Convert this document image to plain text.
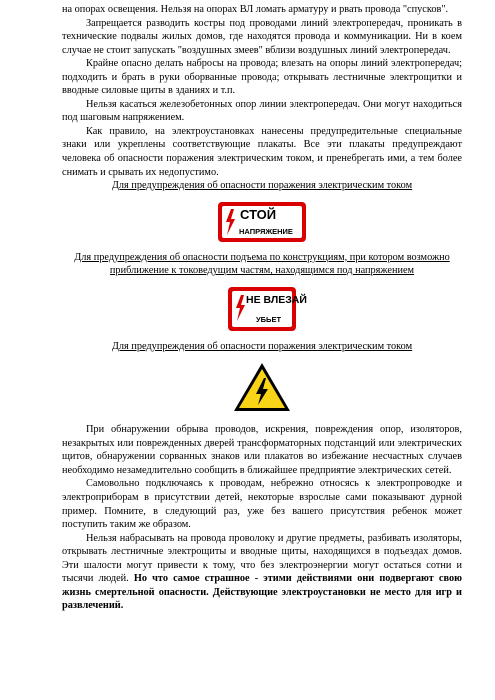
на опорах освещения. Нельзя на опорах ВЛ ломать арматуру и рвать провода "спусков".

Запрещается разводить костры под проводами линий электропередач, проникать в технические подвалы жилых домов, где находятся провода и коммуникации. Ни в коем случае не стоит запускать "воздушных змеев" вблизи воздушных линий электропередач.

Крайне опасно делать набросы на провода; влезать на опоры линий электропередач; подходить и брать в руки оборванные провода; открывать лестничные электрощитки и вводные силовые щиты в зданиях и т.п.

Нельзя касаться железобетонных опор линии электропередач. Они могут находиться под шаговым напряжением.

Как правило, на электроустановках нанесены предупредительные специальные знаки или укреплены соответствующие плакаты. Все эти плакаты предупреждают человека об опасности поражения электрическим током, и пренебрегать ими, а тем более снимать и срывать их недопустимо.

Для предупреждения об опасности поражения электрическим током

СТОЙ
НАПРЯЖЕНИЕ

Для предупреждения об опасности подъема по конструкциям, при котором возможно приближение к токоведущим частям, находящимся под напряжением

НЕ ВЛЕЗАЙ
УБЬЕТ

Для предупреждения об опасности поражения электрическим током

При обнаружении обрыва проводов, искрения, повреждения опор, изоляторов, незакрытых или поврежденных дверей трансформаторных подстанций или электрических щитов, обнаружении сорванных знаков или плакатов во избежание несчастных случаев необходимо незамедлительно сообщить в ближайшее предприятие электрических сетей.

Самовольно подключаясь к проводам, небрежно относясь к электропроводке и электроприборам в присутствии детей, некоторые взрослые сами показывают дурной пример. Помните, в следующий раз, уже без вашего присутствия ребенок может поступить таким же образом.

Нельзя набрасывать на провода проволоку и другие предметы, разбивать изоляторы, открывать лестничные электрощиты и вводные щиты, находящихся в подъездах домов. Эти шалости могут привести к тому, что без электроэнергии могут остаться сотни и тысячи людей. Но что самое страшное - этими действиями они подвергают свою жизнь смертельной опасности. Действующие электроустановки не место для игр и развлечений.
